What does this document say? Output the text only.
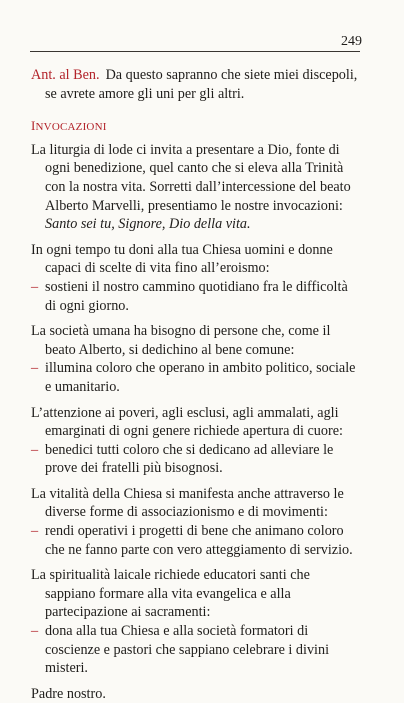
249

Ant. al Ben. Da questo sapranno che siete miei discepoli, se avrete amore gli uni per gli altri.

INVOCAZIONI

La liturgia di lode ci invita a presentare a Dio, fonte di ogni benedizione, quel canto che si eleva alla Trinità con la nostra vita. Sorretti dall’intercessione del beato Alberto Marvelli, presentiamo le nostre invocazioni: Santo sei tu, Signore, Dio della vita.

In ogni tempo tu doni alla tua Chiesa uomini e donne capaci di scelte di vita fino all’eroismo:

– sostieni il nostro cammino quotidiano fra le difficoltà di ogni giorno.

La società umana ha bisogno di persone che, come il beato Alberto, si dedichino al bene comune:

– illumina coloro che operano in ambito politico, sociale e umanitario.

L’attenzione ai poveri, agli esclusi, agli ammalati, agli emarginati di ogni genere richiede apertura di cuore:

– benedici tutti coloro che si dedicano ad alleviare le prove dei fratelli più bisognosi.

La vitalità della Chiesa si manifesta anche attraverso le diverse forme di associazionismo e di movimenti:

– rendi operativi i progetti di bene che animano coloro che ne fanno parte con vero atteggiamento di servizio.

La spiritualità laicale richiede educatori santi che sappiano formare alla vita evangelica e alla partecipazione ai sacramenti:

– dona alla tua Chiesa e alla società formatori di coscienze e pastori che sappiano celebrare i divini misteri.

Padre nostro.
